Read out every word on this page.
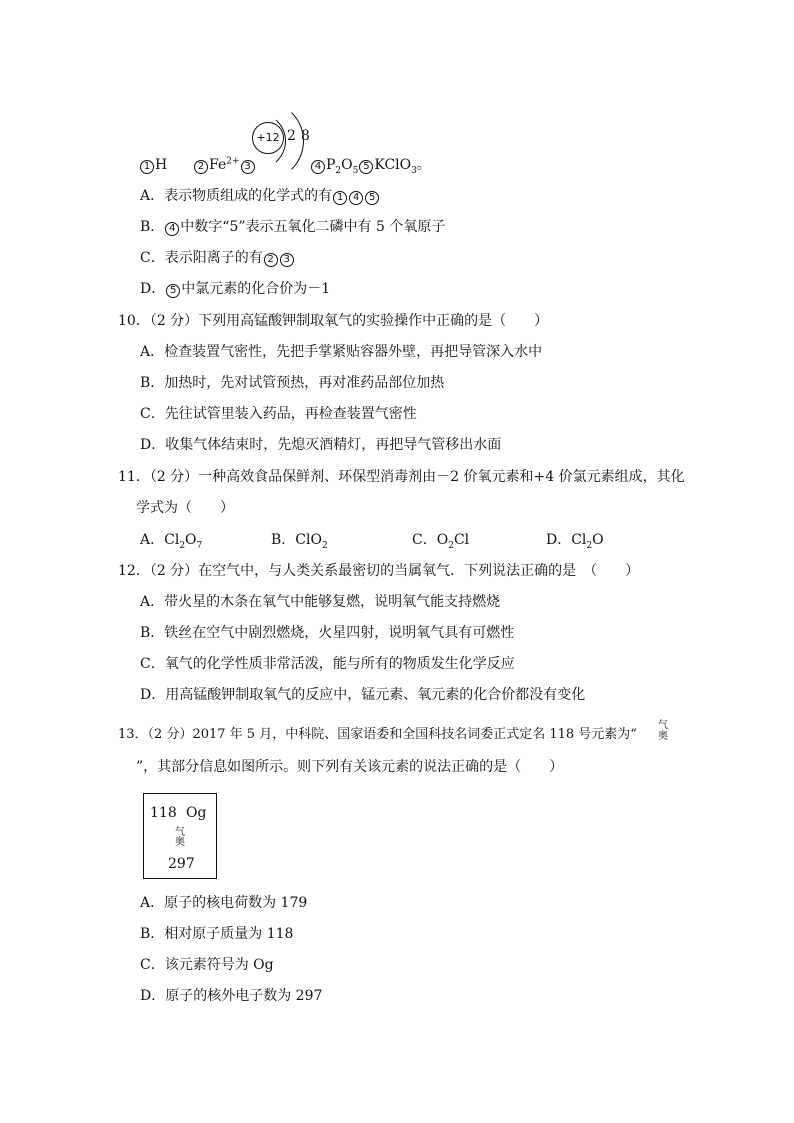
+12 2 8
1 H	2 $Fe^{2+}$ 3	4 $P_2O_5$ 5 KClO$_3$。
A．表示物质组成的化学式的有 1 4 5
B． 4 中数字“5”表示五氧化二磷中有 5 个氧原子
C．表示阳离子的有 2 3
D． 5 中氯元素的化合价为－1
10．（2 分）下列用高锰酸钾制取氧气的实验操作中正确的是（　　）
A．检查装置气密性，先把手掌紧贴容器外壁，再把导管深入水中
B．加热时，先对试管预热，再对准药品部位加热
C．先往试管里装入药品，再检查装置气密性
D．收集气体结束时，先熄灭酒精灯，再把导气管移出水面
11．（2 分）一种高效食品保鲜剂、环保型消毒剂由－2 价氧元素和+4 价氯元素组成，其化
学式为（　　）
A．$Cl_2O_7$	B．ClO$_2$	C．$O_2Cl$	D．$Cl_2O$
12．（2 分）在空气中，与人类关系最密切的当属氧气．下列说法正确的是　（　　）
A．带火星的木条在氧气中能够复燃，说明氧气能支持燃烧
B．铁丝在空气中剧烈燃烧，火星四射，说明氧气具有可燃性
C．氧气的化学性质非常活泼，能与所有的物质发生化学反应
D．用高锰酸钾制取氧气的反应中，锰元素、氧元素的化合价都没有变化
13．（2 分）2017 年 5 月，中科院、国家语委和全国科技名词委正式定名 118 号元素为“
气奥
”，其部分信息如图所示。则下列有关该元素的说法正确的是（　　）
118 Og
气奥
297
A．原子的核电荷数为 179
B．相对原子质量为 118
C．该元素符号为 Og
D．原子的核外电子数为 297
